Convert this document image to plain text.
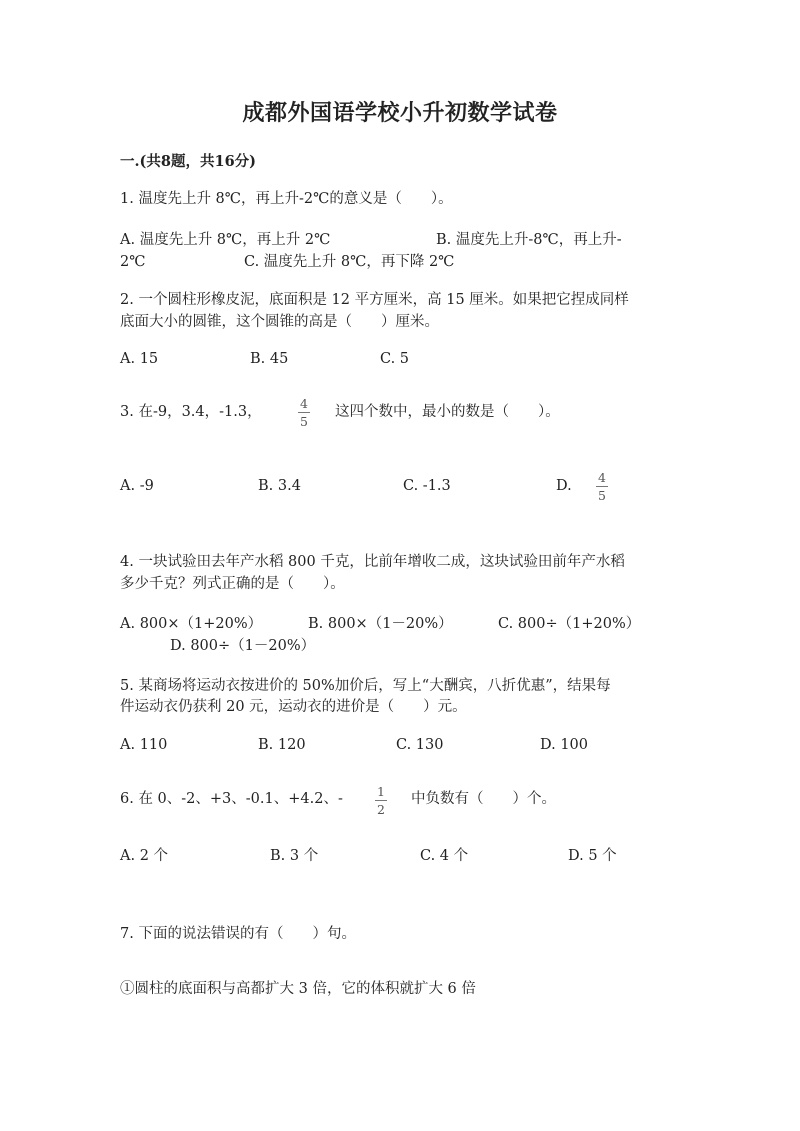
成都外国语学校小升初数学试卷
一.(共8题，共16分)
1. 温度先上升 8℃，再上升-2℃的意义是（　　）。
A. 温度先上升 8℃，再上升 2℃	B. 温度先上升-8℃，再上升-
2℃	C. 温度先上升 8℃，再下降 2℃
2. 一个圆柱形橡皮泥，底面积是 12 平方厘米，高 15 厘米。如果把它捏成同样
底面大小的圆锥，这个圆锥的高是（　　）厘米。
A. 15	B. 45	C. 5
3. 在-9，3.4，-1.3，
4
5
这四个数中，最小的数是（　　）。
A. -9	B. 3.4	C. -1.3	D.
4
5
4. 一块试验田去年产水稻 800 千克，比前年增收二成，这块试验田前年产水稻
多少千克？列式正确的是（　　）。
A. 800×（1+20%）	B. 800×（1－20%）	C. 800÷（1+20%）
D. 800÷（1－20%）
5. 某商场将运动衣按进价的 50%加价后，写上“大酬宾，八折优惠”，结果每
件运动衣仍获利 20 元，运动衣的进价是（　　）元。
A. 110	B. 120	C. 130	D. 100
6. 在 0、-2、+3、-0.1、+4.2、-	1
2
中负数有（　　）个。
A. 2 个	B. 3 个	C. 4 个	D. 5 个
7. 下面的说法错误的有（　　）句。
①圆柱的底面积与高都扩大 3 倍，它的体积就扩大 6 倍
